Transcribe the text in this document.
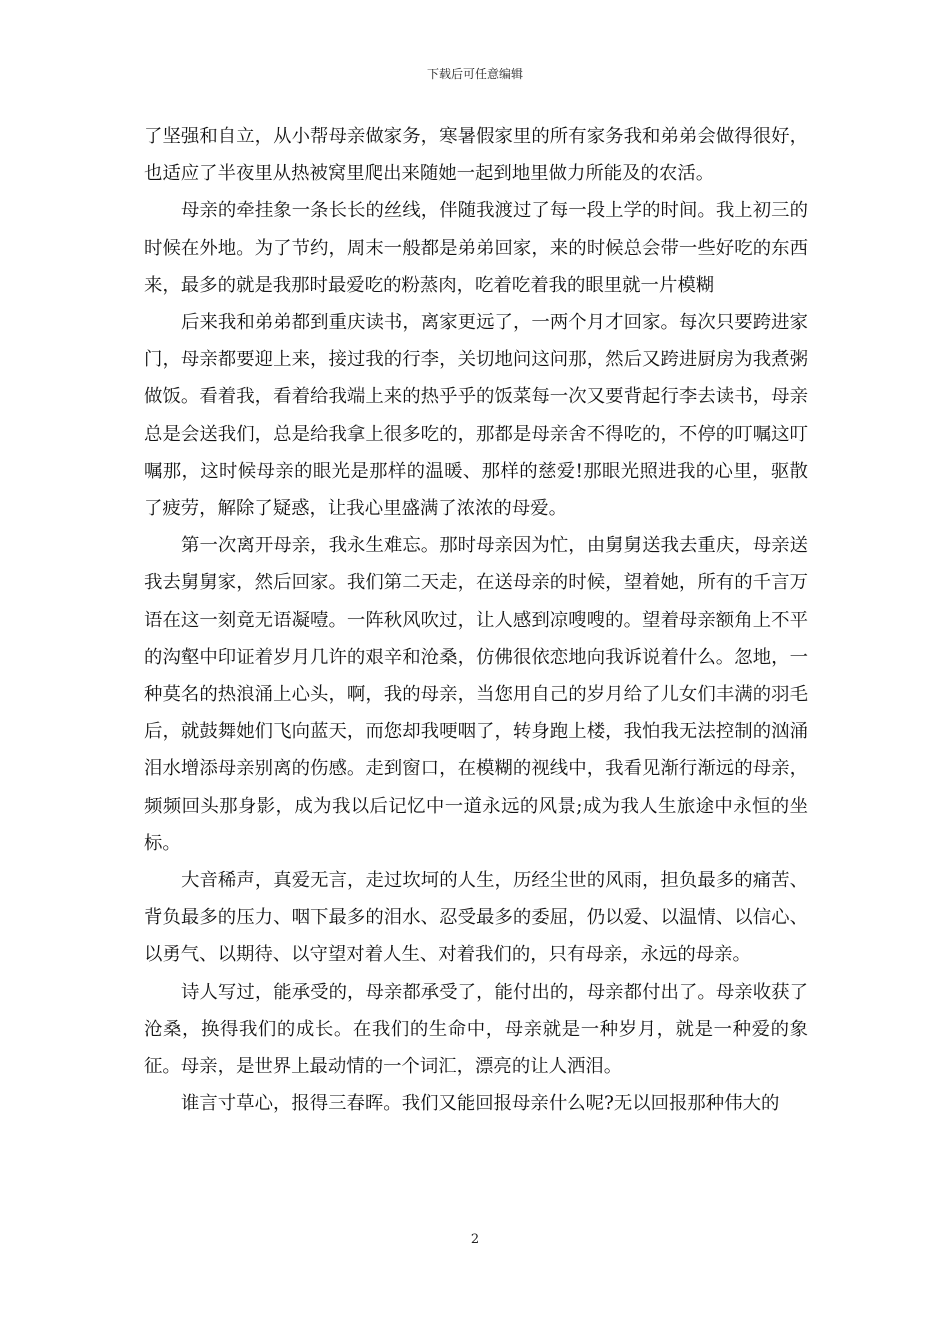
下载后可任意编辑

了坚强和自立，从小帮母亲做家务，寒暑假家里的所有家务我和弟弟会做得很好，也适应了半夜里从热被窝里爬出来随她一起到地里做力所能及的农活。

母亲的牵挂象一条长长的丝线，伴随我渡过了每一段上学的时间。我上初三的时候在外地。为了节约，周末一般都是弟弟回家，来的时候总会带一些好吃的东西来，最多的就是我那时最爱吃的粉蒸肉，吃着吃着我的眼里就一片模糊

后来我和弟弟都到重庆读书，离家更远了，一两个月才回家。每次只要跨进家门，母亲都要迎上来，接过我的行李，关切地问这问那，然后又跨进厨房为我煮粥做饭。看着我，看着给我端上来的热乎乎的饭菜每一次又要背起行李去读书，母亲总是会送我们，总是给我拿上很多吃的，那都是母亲舍不得吃的，不停的叮嘱这叮嘱那，这时候母亲的眼光是那样的温暖、那样的慈爱!那眼光照进我的心里，驱散了疲劳，解除了疑惑，让我心里盛满了浓浓的母爱。

第一次离开母亲，我永生难忘。那时母亲因为忙，由舅舅送我去重庆，母亲送我去舅舅家，然后回家。我们第二天走，在送母亲的时候，望着她，所有的千言万语在这一刻竟无语凝噎。一阵秋风吹过，让人感到凉嗖嗖的。望着母亲额角上不平的沟壑中印证着岁月几许的艰辛和沧桑，仿佛很依恋地向我诉说着什么。忽地，一种莫名的热浪涌上心头，啊，我的母亲，当您用自己的岁月给了儿女们丰满的羽毛后，就鼓舞她们飞向蓝天，而您却我哽咽了，转身跑上楼，我怕我无法控制的汹涌泪水增添母亲别离的伤感。走到窗口，在模糊的视线中，我看见渐行渐远的母亲，频频回头那身影，成为我以后记忆中一道永远的风景;成为我人生旅途中永恒的坐标。

大音稀声，真爱无言，走过坎坷的人生，历经尘世的风雨，担负最多的痛苦、背负最多的压力、咽下最多的泪水、忍受最多的委屈，仍以爱、以温情、以信心、以勇气、以期待、以守望对着人生、对着我们的，只有母亲，永远的母亲。

诗人写过，能承受的，母亲都承受了，能付出的，母亲都付出了。母亲收获了沧桑，换得我们的成长。在我们的生命中，母亲就是一种岁月，就是一种爱的象征。母亲，是世界上最动情的一个词汇，漂亮的让人洒泪。

谁言寸草心，报得三春晖。我们又能回报母亲什么呢?无以回报那种伟大的

2
